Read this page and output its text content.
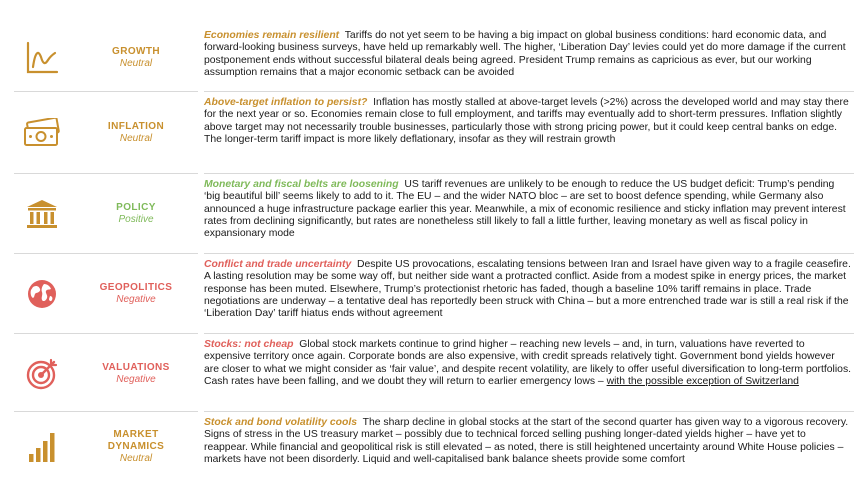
GROWTH
Neutral
Economies remain resilient Tariffs do not yet seem to be having a big impact on global business conditions: hard economic data, and forward-looking business surveys, have held up remarkably well. The higher, ‘Liberation Day’ levies could yet do more damage if the current postponement ends without successful bilateral deals being agreed. President Trump remains as capricious as ever, but our working assumption remains that a major economic setback can be avoided
INFLATION
Neutral
Above-target inflation to persist? Inflation has mostly stalled at above-target levels (>2%) across the developed world and may stay there for the next year or so. Economies remain close to full employment, and tariffs may eventually add to short-term pressures. Inflation slightly above target may not necessarily trouble businesses, particularly those with strong pricing power, but it could keep central banks on edge. The longer-term tariff impact is more likely deflationary, insofar as they will restrain growth
POLICY
Positive
Monetary and fiscal belts are loosening US tariff revenues are unlikely to be enough to reduce the US budget deficit: Trump’s pending ‘big beautiful bill’ seems likely to add to it. The EU – and the wider NATO bloc – are set to boost defence spending, while Germany also announced a huge infrastructure package earlier this year. Meanwhile, a mix of economic resilience and sticky inflation may prevent interest rates from declining significantly, but rates are nonetheless still likely to fall a little further, leaving monetary as well as fiscal policy in expansionary mode
GEOPOLITICS
Negative
Conflict and trade uncertainty Despite US provocations, escalating tensions between Iran and Israel have given way to a fragile ceasefire. A lasting resolution may be some way off, but neither side want a protracted conflict. Aside from a modest spike in energy prices, the market response has been muted. Elsewhere, Trump’s protectionist rhetoric has faded, though a baseline 10% tariff remains in place. Trade negotiations are underway – a tentative deal has reportedly been struck with China – but a more entrenched trade war is still a real risk if the ‘Liberation Day’ tariff hiatus ends without agreement
VALUATIONS
Negative
Stocks: not cheap Global stock markets continue to grind higher – reaching new levels – and, in turn, valuations have reverted to expensive territory once again. Corporate bonds are also expensive, with credit spreads relatively tight. Government bond yields however are closer to what we might consider as ‘fair value’, and despite recent volatility, are likely to offer useful diversification to long-term portfolios. Cash rates have been falling, and we doubt they will return to earlier emergency lows – with the possible exception of Switzerland
MARKET
DYNAMICS
Neutral
Stock and bond volatility cools The sharp decline in global stocks at the start of the second quarter has given way to a vigorous recovery. Signs of stress in the US treasury market – possibly due to technical forced selling pushing longer-dated yields higher – have yet to reappear. While financial and geopolitical risk is still elevated – as noted, there is still heightened uncertainty around White House policies – markets have not been disorderly. Liquid and well-capitalised bank balance sheets provide some comfort
